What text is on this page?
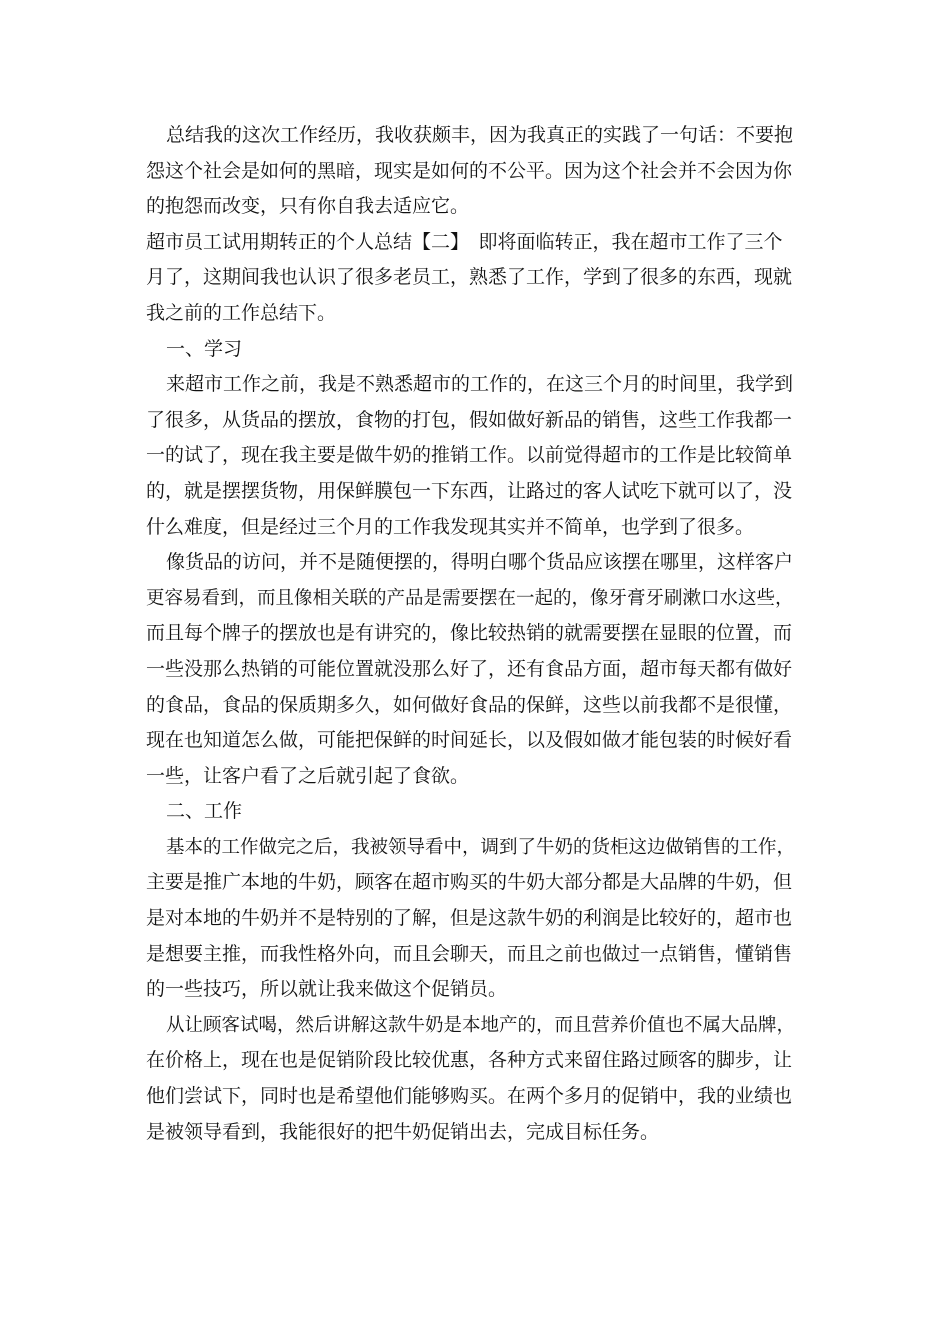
总结我的这次工作经历，我收获颇丰，因为我真正的实践了一句话：不要抱
怨这个社会是如何的黑暗，现实是如何的不公平。因为这个社会并不会因为你
的抱怨而改变，只有你自我去适应它。
超市员工试用期转正的个人总结【二】　即将面临转正，我在超市工作了三个
月了，这期间我也认识了很多老员工，熟悉了工作，学到了很多的东西，现就
我之前的工作总结下。
一、学习
来超市工作之前，我是不熟悉超市的工作的，在这三个月的时间里，我学到
了很多，从货品的摆放，食物的打包，假如做好新品的销售，这些工作我都一
一的试了，现在我主要是做牛奶的推销工作。以前觉得超市的工作是比较简单
的，就是摆摆货物，用保鲜膜包一下东西，让路过的客人试吃下就可以了，没
什么难度，但是经过三个月的工作我发现其实并不简单，也学到了很多。
像货品的访问，并不是随便摆的，得明白哪个货品应该摆在哪里，这样客户
更容易看到，而且像相关联的产品是需要摆在一起的，像牙膏牙刷漱口水这些，
而且每个牌子的摆放也是有讲究的，像比较热销的就需要摆在显眼的位置，而
一些没那么热销的可能位置就没那么好了，还有食品方面，超市每天都有做好
的食品，食品的保质期多久，如何做好食品的保鲜，这些以前我都不是很懂，
现在也知道怎么做，可能把保鲜的时间延长，以及假如做才能包装的时候好看
一些，让客户看了之后就引起了食欲。
二、工作
基本的工作做完之后，我被领导看中，调到了牛奶的货柜这边做销售的工作，
主要是推广本地的牛奶，顾客在超市购买的牛奶大部分都是大品牌的牛奶，但
是对本地的牛奶并不是特别的了解，但是这款牛奶的利润是比较好的，超市也
是想要主推，而我性格外向，而且会聊天，而且之前也做过一点销售，懂销售
的一些技巧，所以就让我来做这个促销员。
从让顾客试喝，然后讲解这款牛奶是本地产的，而且营养价值也不属大品牌，
在价格上，现在也是促销阶段比较优惠，各种方式来留住路过顾客的脚步，让
他们尝试下，同时也是希望他们能够购买。在两个多月的促销中，我的业绩也
是被领导看到，我能很好的把牛奶促销出去，完成目标任务。
